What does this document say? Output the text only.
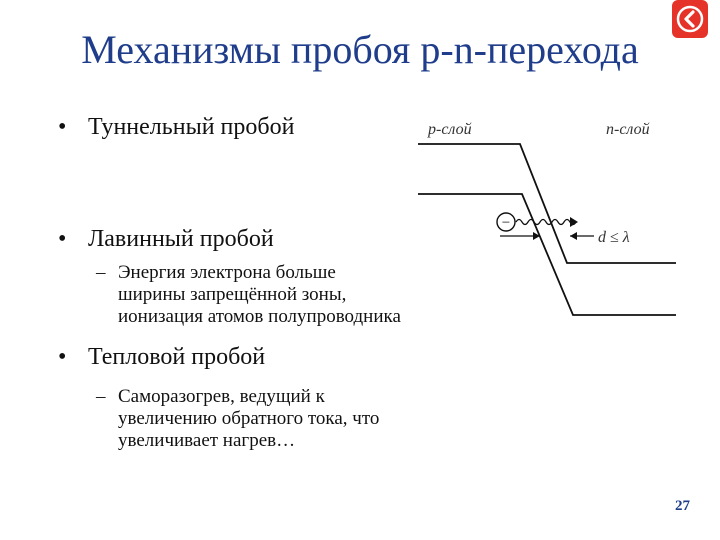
Механизмы пробоя p-n-перехода
• Туннельный пробой
• Лавинный пробой
– Энергия электрона больше
ширины запрещённой зоны,
ионизация атомов полупроводника
• Тепловой пробой
– Саморазогрев, ведущий к
увеличению обратного тока, что
увеличивает нагрев…
p-слой	n-слой
−
d ≤ λ
27
